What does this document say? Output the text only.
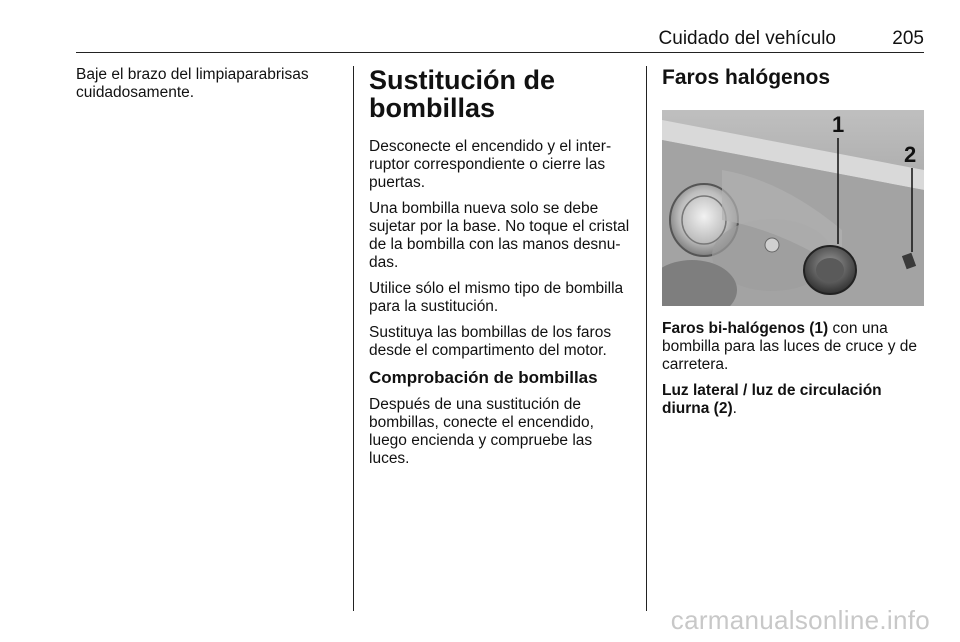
Cuidado del vehículo	205

Baje el brazo del limpiaparabrisas cuidadosamente.	Sustitución de bombillas

Desconecte el encendido y el inter-ruptor correspondiente o cierre las puertas.

Una bombilla nueva solo se debe sujetar por la base. No toque el cristal de la bombilla con las manos desnu-das.

Utilice sólo el mismo tipo de bombilla para la sustitución.

Sustituya las bombillas de los faros desde el compartimento del motor.

Comprobación de bombillas

Después de una sustitución de bombillas, conecte el encendido, luego encienda y compruebe las luces.

Faros halógenos
1
2

Faros bi-halógenos (1) con una bombilla para las luces de cruce y de carretera.

Luz lateral / luz de circulación diurna (2).

carmanualsonline.info
